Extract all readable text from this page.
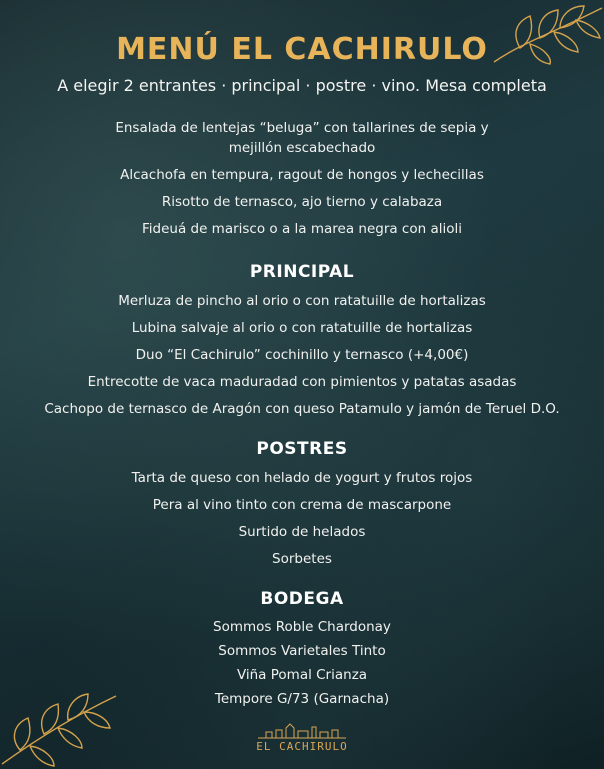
MENÚ EL CACHIRULO
A elegir 2 entrantes · principal · postre · vino. Mesa completa
Ensalada de lentejas “beluga” con tallarines de sepia y mejillón escabechado
Alcachofa en tempura, ragout de hongos y lechecillas
Risotto de ternasco, ajo tierno y calabaza
Fideuá de marisco o a la marea negra con alioli
PRINCIPAL
Merluza de pincho al orio o con ratatuille de hortalizas
Lubina salvaje al orio o con ratatuille de hortalizas
Duo “El Cachirulo” cochinillo y ternasco (+4,00€)
Entrecotte de vaca maduradad con pimientos y patatas asadas
Cachopo de ternasco de Aragón con queso Patamulo y jamón de Teruel D.O.
POSTRES
Tarta de queso con helado de yogurt y frutos rojos
Pera al vino tinto con crema de mascarpone
Surtido de helados
Sorbetes
BODEGA
Sommos Roble Chardonay
Sommos Varietales Tinto
Viña Pomal Crianza
Tempore G/73 (Garnacha)
EL CACHIRULO
